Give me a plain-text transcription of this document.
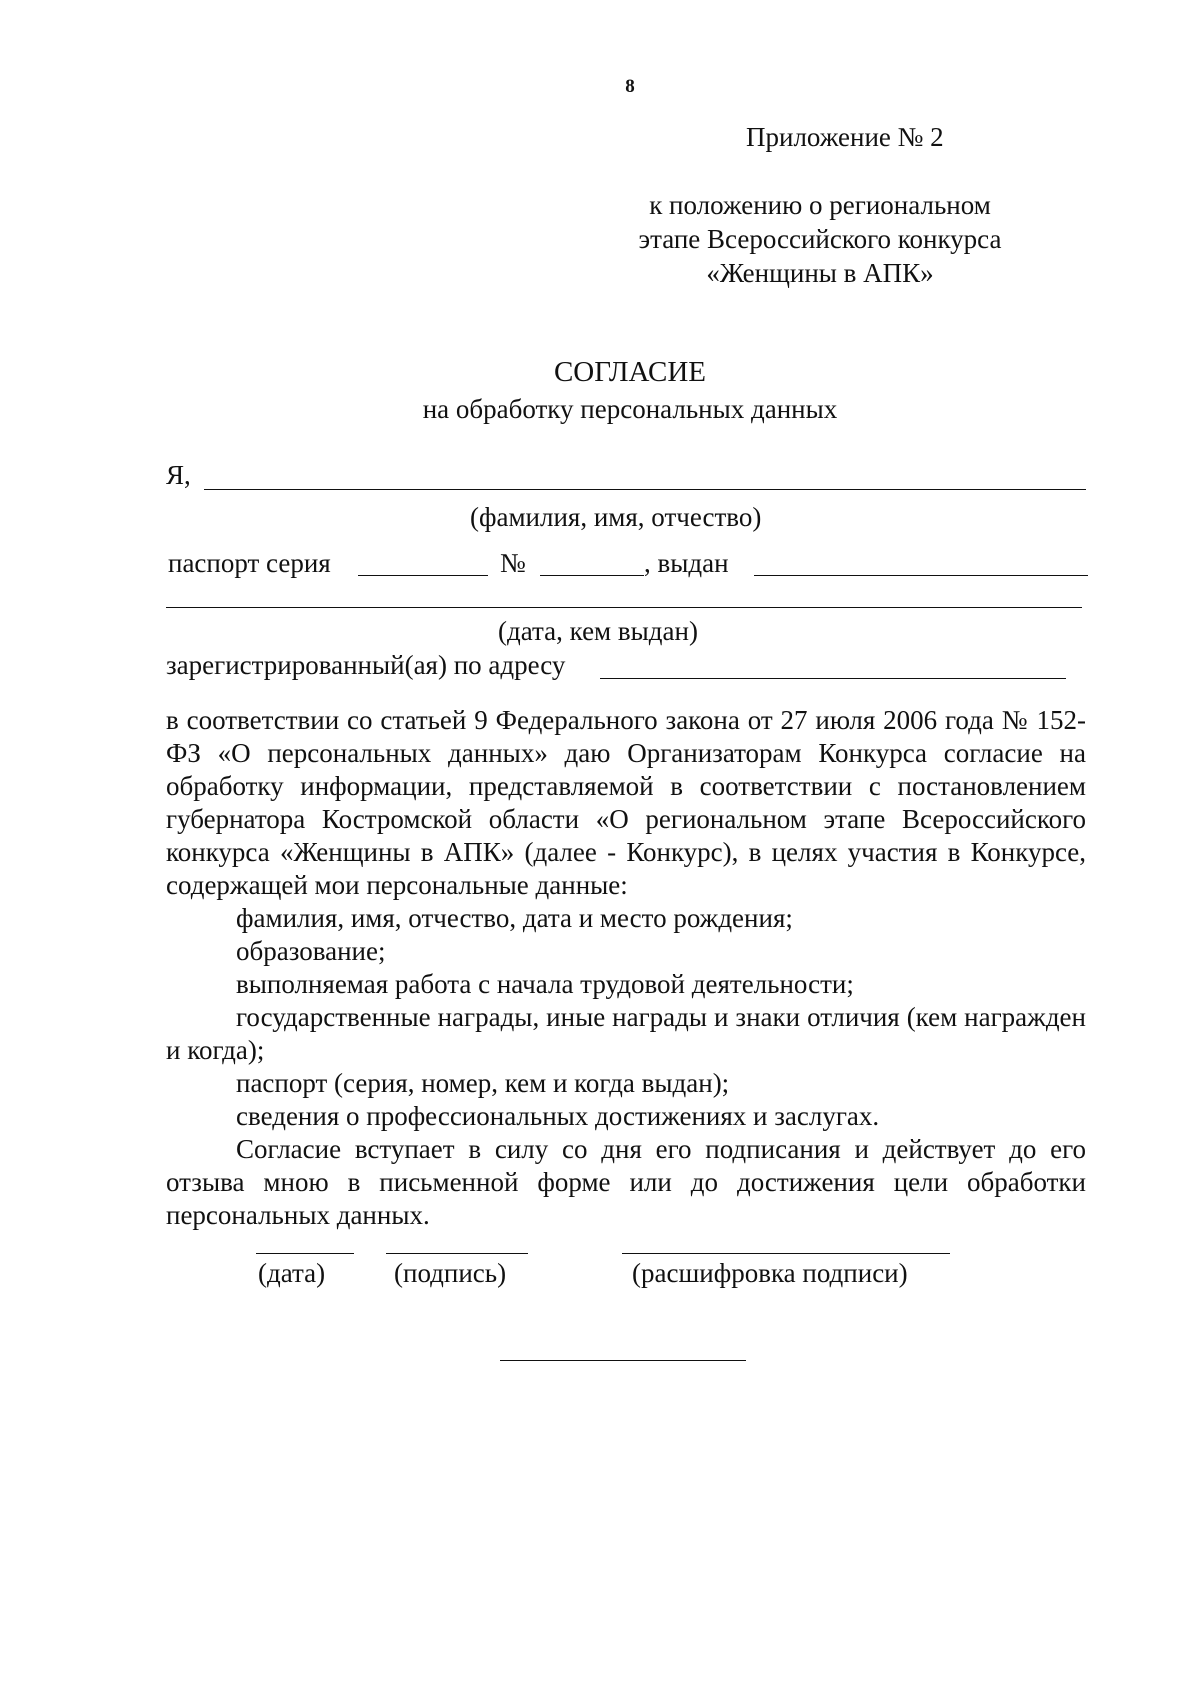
8
Приложение № 2
к положению о региональном
этапе Всероссийского конкурса
«Женщины в АПК»
СОГЛАСИЕ
на обработку персональных данных
Я,
(фамилия, имя, отчество)
паспорт серия	№	, выдан
(дата, кем выдан)
зарегистрированный(ая) по адресу

в соответствии со статьей 9 Федерального закона от 27 июля 2006 года № 152-ФЗ «О персональных данных» даю Организаторам Конкурса согласие на обработку информации, представляемой в соответствии с постановлением губернатора Костромской области «О региональном этапе Всероссийского конкурса «Женщины в АПК» (далее - Конкурс), в целях участия в Конкурсе, содержащей мои персональные данные:

фамилия, имя, отчество, дата и место рождения;

образование;

выполняемая работа с начала трудовой деятельности;

государственные награды, иные награды и знаки отличия (кем награжден и когда);

паспорт (серия, номер, кем и когда выдан);

сведения о профессиональных достижениях и заслугах.

Согласие вступает в силу со дня его подписания и действует до его отзыва мною в письменной форме или до достижения цели обработки персональных данных.

(дата)	(подпись)	(расшифровка подписи)
